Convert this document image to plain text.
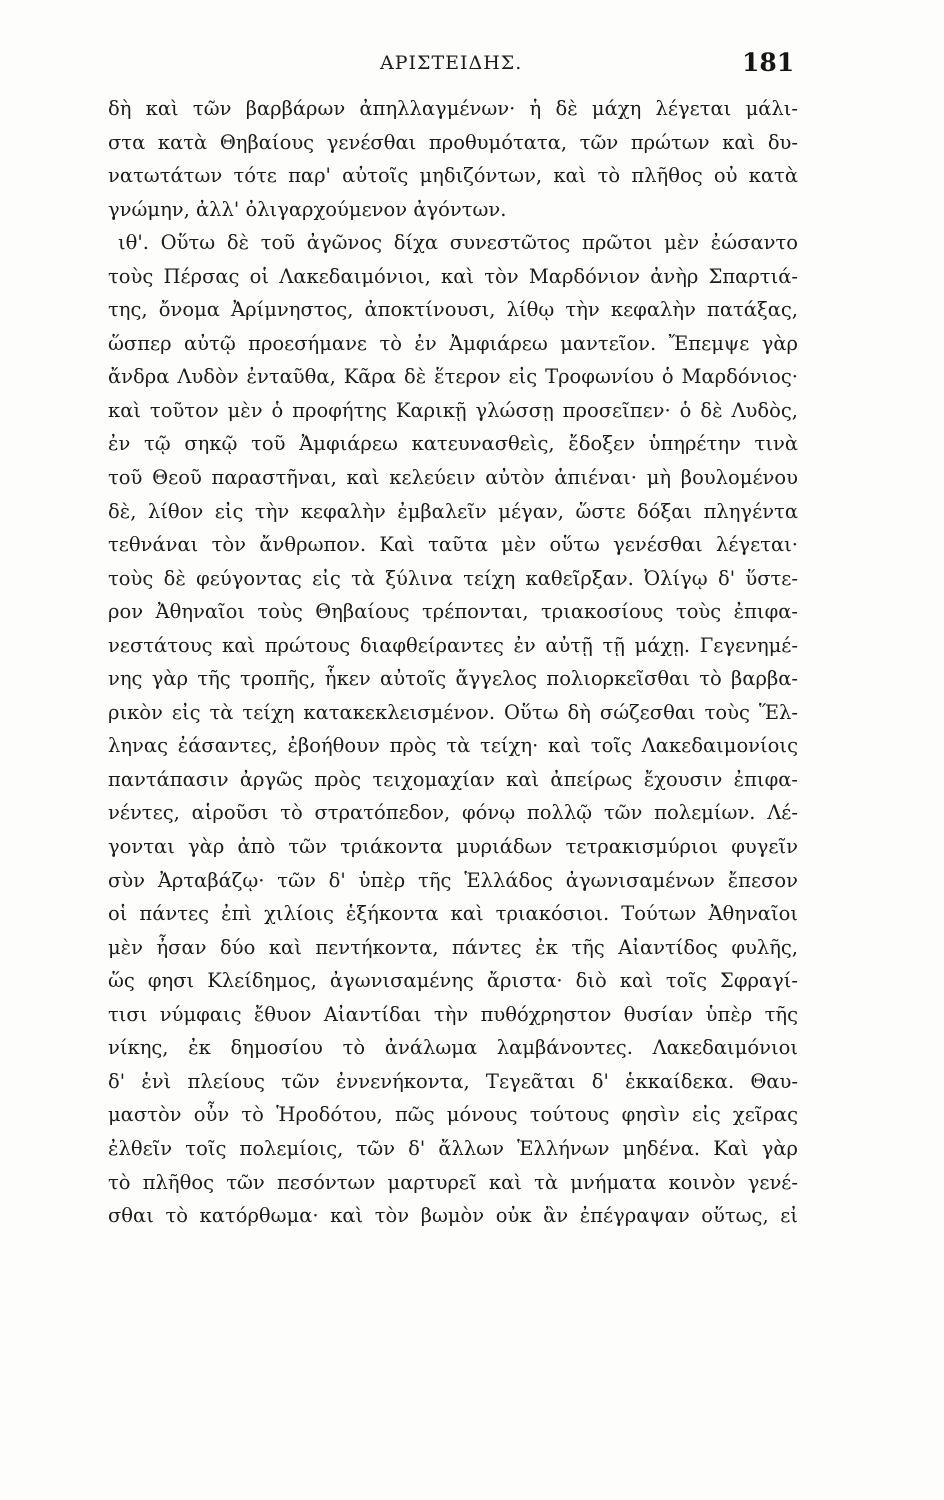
ΑΡΙΣΤΕΙΔΗΣ.	181
δὴ καὶ τῶν βαρβάρων ἀπηλλαγμένων· ἡ δὲ μάχη λέγεται μάλι-
στα κατὰ Θηβαίους γενέσθαι προθυμότατα, τῶν πρώτων καὶ δυ-
νατωτάτων τότε παρ' αὐτοῖς μηδιζόντων, καὶ τὸ πλῆθος οὐ κατὰ
γνώμην, ἀλλ' ὀλιγαρχούμενον ἀγόντων.
ιθ'. Οὕτω δὲ τοῦ ἀγῶνος δίχα συνεστῶτος πρῶτοι μὲν ἐώσαντο
τοὺς Πέρσας οἱ Λακεδαιμόνιοι, καὶ τὸν Μαρδόνιον ἀνὴρ Σπαρτιά-
της, ὄνομα Ἀρίμνηστος, ἀποκτίνουσι, λίθῳ τὴν κεφαλὴν πατάξας,
ὥσπερ αὐτῷ προεσήμανε τὸ ἐν Ἀμφιάρεω μαντεῖον. Ἔπεμψε γὰρ
ἄνδρα Λυδὸν ἐνταῦθα, Κᾶρα δὲ ἕτερον εἰς Τροφωνίου ὁ Μαρδόνιος·
καὶ τοῦτον μὲν ὁ προφήτης Καρικῇ γλώσσῃ προσεῖπεν· ὁ δὲ Λυδὸς,
ἐν τῷ σηκῷ τοῦ Ἀμφιάρεω κατευνασθεὶς, ἔδοξεν ὑπηρέτην τινὰ
τοῦ Θεοῦ παραστῆναι, καὶ κελεύειν αὐτὸν ἀπιέναι· μὴ βουλομένου
δὲ, λίθον εἰς τὴν κεφαλὴν ἐμβαλεῖν μέγαν, ὥστε δόξαι πληγέντα
τεθνάναι τὸν ἄνθρωπον. Καὶ ταῦτα μὲν οὕτω γενέσθαι λέγεται·
τοὺς δὲ φεύγοντας εἰς τὰ ξύλινα τείχη καθεῖρξαν. Ὀλίγῳ δ' ὕστε-
ρον Ἀθηναῖοι τοὺς Θηβαίους τρέπονται, τριακοσίους τοὺς ἐπιφα-
νεστάτους καὶ πρώτους διαφθείραντες ἐν αὐτῇ τῇ μάχῃ. Γεγενημέ-
νης γὰρ τῆς τροπῆς, ἧκεν αὐτοῖς ἄγγελος πολιορκεῖσθαι τὸ βαρβα-
ρικὸν εἰς τὰ τείχη κατακεκλεισμένον. Οὕτω δὴ σώζεσθαι τοὺς Ἕλ-
ληνας ἐάσαντες, ἐβοήθουν πρὸς τὰ τείχη· καὶ τοῖς Λακεδαιμονίοις
παντάπασιν ἀργῶς πρὸς τειχομαχίαν καὶ ἀπείρως ἔχουσιν ἐπιφα-
νέντες, αἱροῦσι τὸ στρατόπεδον, φόνῳ πολλῷ τῶν πολεμίων. Λέ-
γονται γὰρ ἀπὸ τῶν τριάκοντα μυριάδων τετρακισμύριοι φυγεῖν
σὺν Ἀρταβάζῳ· τῶν δ' ὑπὲρ τῆς Ἑλλάδος ἀγωνισαμένων ἔπεσον
οἱ πάντες ἐπὶ χιλίοις ἑξήκοντα καὶ τριακόσιοι. Τούτων Ἀθηναῖοι
μὲν ἦσαν δύο καὶ πεντήκοντα, πάντες ἐκ τῆς Αἰαντίδος φυλῆς,
ὥς φησι Κλείδημος, ἀγωνισαμένης ἄριστα· διὸ καὶ τοῖς Σφραγί-
τισι νύμφαις ἔθυον Αἰαντίδαι τὴν πυθόχρηστον θυσίαν ὑπὲρ τῆς
νίκης, ἐκ δημοσίου τὸ ἀνάλωμα λαμβάνοντες. Λακεδαιμόνιοι
δ' ἑνὶ πλείους τῶν ἐννενήκοντα, Τεγεᾶται δ' ἑκκαίδεκα. Θαυ-
μαστὸν οὖν τὸ Ἡροδότου, πῶς μόνους τούτους φησὶν εἰς χεῖρας
ἐλθεῖν τοῖς πολεμίοις, τῶν δ' ἄλλων Ἑλλήνων μηδένα. Καὶ γὰρ
τὸ πλῆθος τῶν πεσόντων μαρτυρεῖ καὶ τὰ μνήματα κοινὸν γενέ-
σθαι τὸ κατόρθωμα· καὶ τὸν βωμὸν οὐκ ἂν ἐπέγραψαν οὕτως, εἰ
